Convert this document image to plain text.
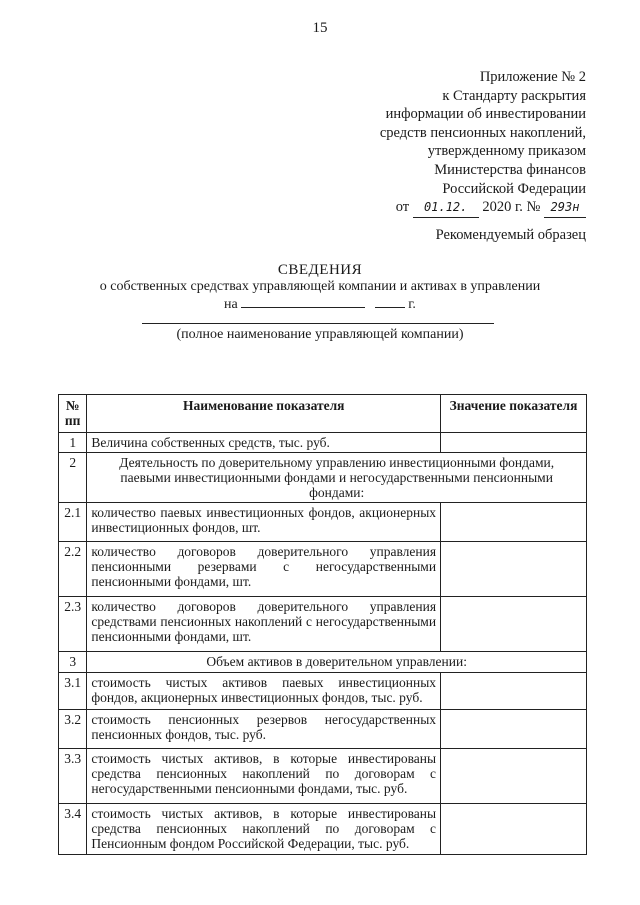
15
Приложение № 2
к Стандарту раскрытия
информации об инвестировании
средств пенсионных накоплений,
утвержденному приказом
Министерства финансов
Российской Федерации
от 01.12. 2020 г. № 293н
Рекомендуемый образец
СВЕДЕНИЯ
о собственных средствах управляющей компании и активах в управлении
на	г.
(полное наименование управляющей компании)
№ пп	Наименование показателя	Значение показателя
1	Величина собственных средств, тыс. руб.	
2	Деятельность по доверительному управлению инвестиционными фондами, паевыми инвестиционными фондами и негосударственными пенсионными фондами:	
2.1	количество паевых инвестиционных фондов, акционерных инвестиционных фондов, шт.	
2.2	количество договоров доверительного управления пенсионными резервами с негосударственными пенсионными фондами, шт.	
2.3	количество договоров доверительного управления средствами пенсионных накоплений с негосударственными пенсионными фондами, шт.	
3	Объем активов в доверительном управлении:	
3.1	стоимость чистых активов паевых инвестиционных фондов, акционерных инвестиционных фондов, тыс. руб.	
3.2	стоимость пенсионных резервов негосударственных пенсионных фондов, тыс. руб.	
3.3	стоимость чистых активов, в которые инвестированы средства пенсионных накоплений по договорам с негосударственными пенсионными фондами, тыс. руб.	
3.4	стоимость чистых активов, в которые инвестированы средства пенсионных накоплений по договорам с Пенсионным фондом Российской Федерации, тыс. руб.	
